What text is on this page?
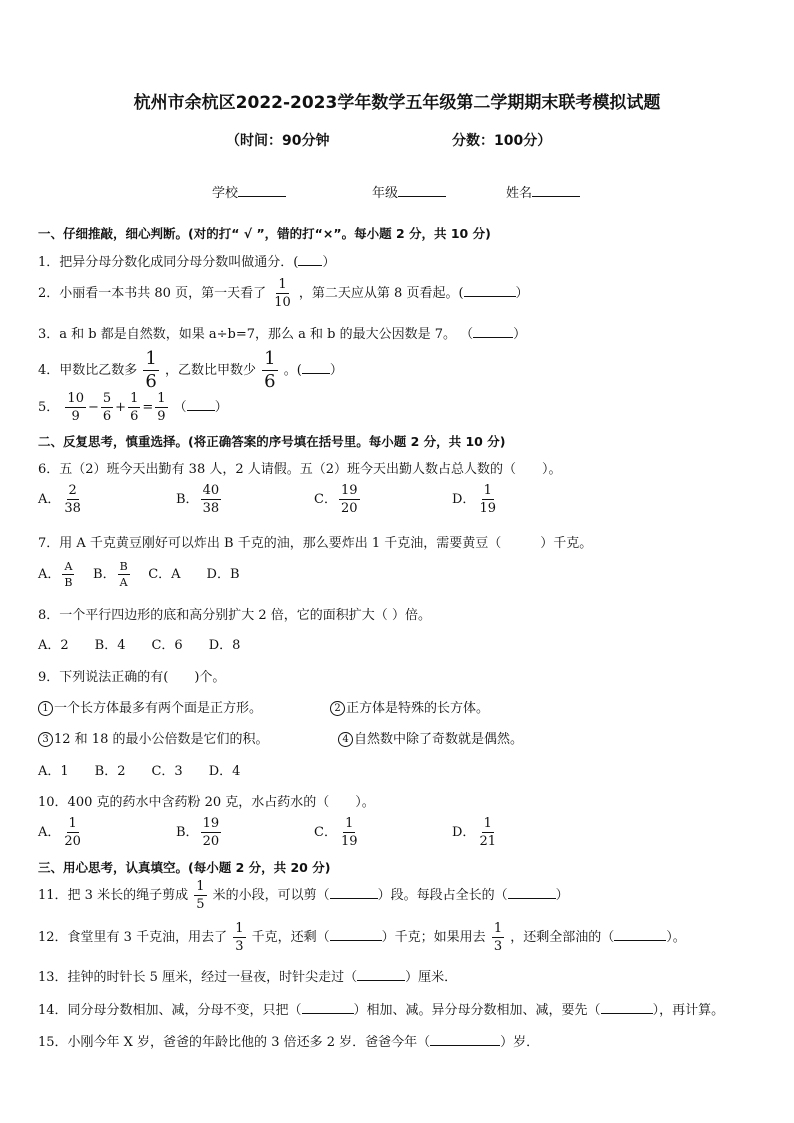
杭州市余杭区2022-2023学年数学五年级第二学期期末联考模拟试题
（时间：90分钟	分数：100分）
学校	年级	姓名
一、仔细推敲，细心判断。(对的打“ √ ”，错的打“×”。每小题 2 分，共 10 分)
1．把异分母分数化成同分母分数叫做通分．( ）
2．小丽看一本书共 80 页，第一天看了 $\frac{1}{10}$ ，第二天应从第 8 页看起。(	）
3．a 和 b 都是自然数，如果 a÷b=7，那么 a 和 b 的最大公因数是 7。 （	）
4．甲数比乙数多 $\frac{1}{6}$ ，乙数比甲数少 $\frac{1}{6}$ 。( ）
5． $\frac{10}{9} - \frac{5}{6} + \frac{1}{6} = \frac{1}{9}$ （ ）
二、反复思考，慎重选择。(将正确答案的序号填在括号里。每小题 2 分，共 10 分)
6．五（2）班今天出勤有 38 人，2 人请假。五（2）班今天出勤人数占总人数的（　　）。
A． $\frac{2}{38}$	B． $\frac{40}{38}$	C． $\frac{19}{20}$	D． $\frac{1}{19}$
7．用 A 千克黄豆刚好可以炸出 B 千克的油，那么要炸出 1 千克油，需要黄豆（　　　）千克。
A． $\frac{A}{B}$ B． $\frac{B}{A}$ C．A　　D．B
8．一个平行四边形的底和高分别扩大 2 倍，它的面积扩大（ ）倍。
A．2　　B．4　　C．6　　D．8
9．下列说法正确的有(　　)个。
1 一个长方体最多有两个面是正方形。	2 正方体是特殊的长方体。
3 12 和 18 的最小公倍数是它们的积。	4 自然数中除了奇数就是偶然。
A．1　　B．2　　C．3　　D．4
10．400 克的药水中含药粉 20 克，水占药水的（　　）。
A． $\frac{1}{20}$	B． $\frac{19}{20}$	C． $\frac{1}{19}$	D． $\frac{1}{21}$
三、用心思考，认真填空。(每小题 2 分，共 20 分)
11．把 3 米长的绳子剪成 $\frac{1}{5}$ 米的小段，可以剪（	）段。每段占全长的（	）
12．食堂里有 3 千克油，用去了 $\frac{1}{3}$ 千克，还剩（	）千克；如果用去 $\frac{1}{3}$ ，还剩全部油的（	）。
13．挂钟的时针长 5 厘米，经过一昼夜，时针尖走过（	）厘米．
14．同分母分数相加、减，分母不变，只把（	）相加、减。异分母分数相加、减，要先（	），再计算。
15．小刚今年 X 岁，爸爸的年龄比他的 3 倍还多 2 岁．爸爸今年（	）岁．
